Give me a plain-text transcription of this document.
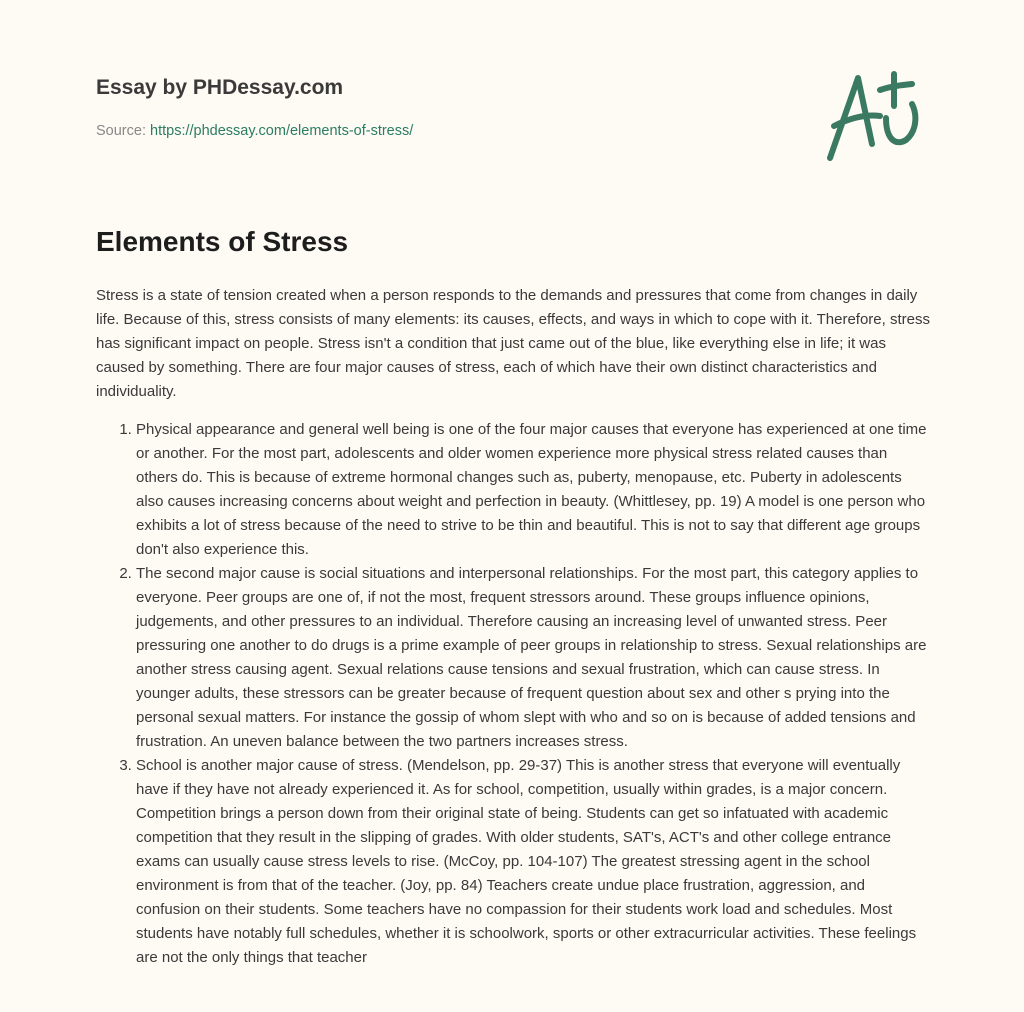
Essay by PHDessay.com
Source: https://phdessay.com/elements-of-stress/
Elements of Stress

Stress is a state of tension created when a person responds to the demands and pressures that come from changes in daily life. Because of this, stress consists of many elements: its causes, effects, and ways in which to cope with it. Therefore, stress has significant impact on people. Stress isn't a condition that just came out of the blue, like everything else in life; it was caused by something. There are four major causes of stress, each of which have their own distinct characteristics and individuality.

1. Physical appearance and general well being is one of the four major causes that everyone has experienced at one time or another. For the most part, adolescents and older women experience more physical stress related causes than others do. This is because of extreme hormonal changes such as, puberty, menopause, etc. Puberty in adolescents also causes increasing concerns about weight and perfection in beauty. (Whittlesey, pp. 19) A model is one person who exhibits a lot of stress because of the need to strive to be thin and beautiful. This is not to say that different age groups don't also experience this.
2. The second major cause is social situations and interpersonal relationships. For the most part, this category applies to everyone. Peer groups are one of, if not the most, frequent stressors around. These groups influence opinions, judgements, and other pressures to an individual. Therefore causing an increasing level of unwanted stress. Peer pressuring one another to do drugs is a prime example of peer groups in relationship to stress. Sexual relationships are another stress causing agent. Sexual relations cause tensions and sexual frustration, which can cause stress. In younger adults, these stressors can be greater because of frequent question about sex and other s prying into the personal sexual matters. For instance the gossip of whom slept with who and so on is because of added tensions and frustration. An uneven balance between the two partners increases stress.
3. School is another major cause of stress. (Mendelson, pp. 29-37) This is another stress that everyone will eventually have if they have not already experienced it. As for school, competition, usually within grades, is a major concern. Competition brings a person down from their original state of being. Students can get so infatuated with academic competition that they result in the slipping of grades. With older students, SAT's, ACT's and other college entrance exams can usually cause stress levels to rise. (McCoy, pp. 104-107) The greatest stressing agent in the school environment is from that of the teacher. (Joy, pp. 84) Teachers create undue place frustration, aggression, and confusion on their students. Some teachers have no compassion for their students work load and schedules. Most students have notably full schedules, whether it is schoolwork, sports or other extracurricular activities. These feelings are not the only things that teacher
